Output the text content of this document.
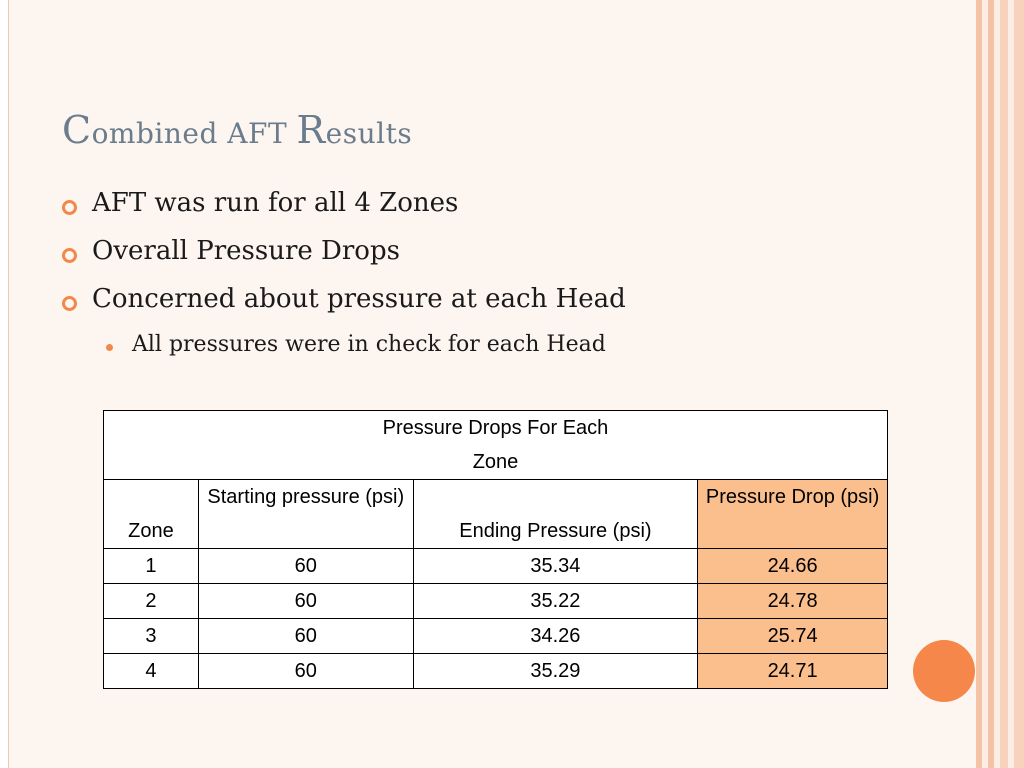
Combined AFT Results
AFT was run for all 4 Zones
Overall Pressure Drops
Concerned about pressure at each Head
All pressures were in check for each Head
Pressure Drops For Each
Zone			
Zone	Starting pressure (psi)	Ending Pressure (psi)	Pressure Drop (psi)
1	60	35.34	24.66
2	60	35.22	24.78
3	60	34.26	25.74
4	60	35.29	24.71
